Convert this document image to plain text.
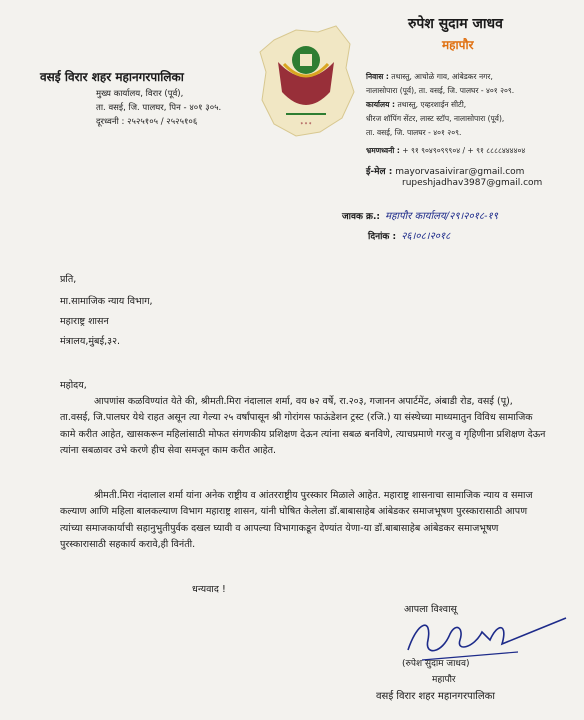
वसई विरार शहर महानगरपालिका
मुख्य कार्यालय, विरार (पूर्व),
ता. वसई, जि. पालघर, पिन - ४०१ ३०५.
दूरध्वनी : २५२५१०५ / २५२५१०६	* * *
रुपेश सुदाम जाधव
महापौर
निवास : तथास्तु, आचोळे गाव, आंबेडकर नगर,
नालासोपारा (पूर्व), ता. वसई, जि. पालघर - ४०१ २०९.
कार्यालय : तथास्तु, एव्हरशाईन सीटी,
धीरज शॉपिंग सेंटर, लास्ट स्टॉप, नालासोपारा (पूर्व),
ता. वसई, जि. पालघर - ४०१ २०९.
भ्रमणध्वनी : + ९१ ९०४९०९९९०४ / + ९१ ८८८८४४४४०४
ई-मेल : mayorvasaivirar@gmail.com
rupeshjadhav3987@gmail.com
जावक क्र.: महापौर कार्यालय/२९।२०१८-१९
दिनांक : २६।०८।२०१८
प्रति,
मा.सामाजिक न्याय विभाग,
महाराष्ट्र शासन
मंत्रालय,मुंबई,३२.
महोदय,
आपणांस कळविण्यांत येते की, श्रीमती.मिरा नंदालाल शर्मा, वय ७२ वर्षे, रा.२०३, गजानन अपार्टमेंट, अंबाडी रोड, वसई (पू), ता.वसई, जि.पालघर येथे राहत असून त्या गेल्या २५ वर्षांपासून श्री गोरांगस फाऊंडेशन ट्रस्ट (रजि.) या संस्थेच्या माध्यमातुन विविध सामाजिक कामे करीत आहेत, खासकरून महिलांसाठी मोफत संगणकीय प्रशिक्षण देऊन त्यांना सबळ बनविणे, त्याचप्रमाणे गरजु व गृहिणीना प्रशिक्षण देऊन त्यांना सबळावर उभे करणे हीच सेवा समजून काम करीत आहेत.
श्रीमती.मिरा नंदालाल शर्मा यांना अनेक राष्ट्रीय व आंतरराष्ट्रीय पुरस्कार मिळाले आहेत. महाराष्ट्र शासनाचा सामाजिक न्याय व समाज कल्याण आणि महिला बालकल्याण विभाग महाराष्ट्र शासन, यांनी घोषित केलेला डॉ.बाबासाहेब आंबेडकर समाजभूषण पुरस्कारासाठी आपण त्यांच्या समाजकार्याची सहानुभुतीपुर्वक दखल घ्यावी व आपल्या विभागाकडून देण्यांत येणा-या डॉ.बाबासाहेब आंबेडकर समाजभूषण पुरस्कारासाठी सहकार्य करावे,ही विनंती.
धन्यवाद !
आपला विश्वासू
(रुपेश सुदाम जाधव)
महापौर
वसई विरार शहर महानगरपालिका
